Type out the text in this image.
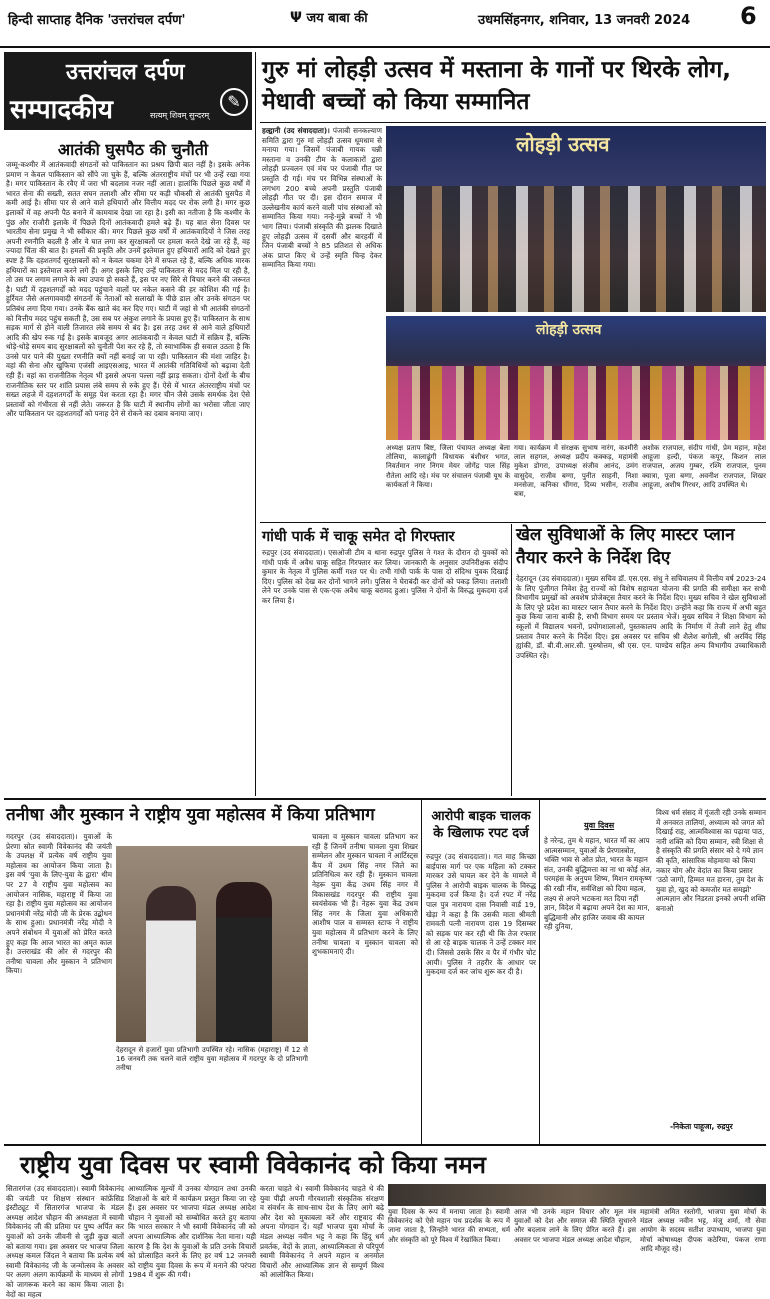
हिन्दी साप्ताह दैनिक 'उत्तरांचल दर्पण'	Ψ जय बाबा की	उधमसिंहनगर, शनिवार, 13 जनवरी 2024 6
उत्तरांचल दर्पण
सम्पादकीय	सत्यम् शिवम् सुन्दरम्
✎
आतंकी घुसपैठ की चुनौती
जम्मू-कश्मीर में आतंकवादी संगठनों को पाकिस्तान का प्रश्रय छिपी बात नहीं है। इसके अनेक प्रमाण न केवल पाकिस्तान को सौंपे जा चुके हैं, बल्कि अंतरराष्ट्रीय मंचों पर भी उन्हें रखा गया है। मगर पाकिस्तान के रवैए में जरा भी बदलाव नजर नहीं आता। हालांकि पिछले कुछ वर्षों में भारत सेना की सख्ती, सतत सघन तलाशी और सीमा पर कड़ी चौकसी से आतंकी घुसपैठ में कमी आई है। सीमा पार से आने वाले हथियारों और वित्तीय मदद पर रोक लगी है। मगर कुछ इलाकों में वह अपनी पैठ बनाने में कामयाब देखा जा रहा है। इसी का नतीजा है कि कश्मीर के पुंछ और राजौरी इलाके में पिछले दिनों आतंकवादी हमले बढ़े हैं। यह बात सेना दिवस पर भारतीय सेना प्रमुख ने भी स्वीकार की। मगर पिछले कुछ वर्षों में आतंकवादियों ने जिस तरह अपनी रणनीति बदली है और वे घात लगा कर सुरक्षाबलों पर हमला करते देखे जा रहे हैं, वह ज्यादा चिंता की बात है। हमलों की प्रकृति और उनमें इस्तेमाल हुए हथियारों आदि को देखते हुए स्पष्ट है कि दहशतगर्द सुरक्षाबलों को न केवल चकमा देने में सफल रहे हैं, बल्कि अधिक मारक हथियारों का इस्तेमाल करने लगे हैं। अगर इसके लिए उन्हें पाकिस्तान से मदद मिल पा रही है, तो उस पर लगाम लगाने के क्या उपाय हो सकते हैं, इस पर नए सिरे से विचार करने की जरूरत है। घाटी में दहशतगर्दों को मदद पहुंचाने वालों पर नकेल कसने की हर कोशिश की गई है। हुर्रियत जैसे अलगाववादी संगठनों के नेताओं को सलाखों के पीछे डाल और उनके संगठन पर प्रतिबंध लगा दिया गया। उनके बैंक खाते बंद कर दिए गए। घाटी में जहां से भी आतंकी संगठनों को वित्तीय मदद पहुंच सकती है, उस सब पर अंकुश लगाने के प्रयास हुए हैं। पाकिस्तान के साथ सड़क मार्ग से होने वाली तिजारत लंबे समय से बंद है। इस तरह उधर से आने वाले हथियारों आदि की खेप रुक गई है। इसके बावजूद अगर आतंकवादी न केवल घाटी में सक्रिय हैं, बल्कि थोड़े-थोड़े समय बाद सुरक्षाबलों को चुनौती पेश कर रहे हैं, तो स्वाभाविक ही सवाल उठता है कि उनसे पार पाने की पुख्ता रणनीति क्यों नहीं बनाई जा पा रही। पाकिस्तान की मंशा जाहिर है। वहां की सेना और खुफिया एजंसी आइएसआइ, भारत में आतंकी गतिविधियों को बढ़ावा देती रही हैं। वहां का राजनीतिक नेतृत्व भी इससे अपना पल्ला नहीं झाड़ सकता। दोनों देशों के बीच राजनीतिक स्तर पर शांति प्रयास लंबे समय से रुके हुए हैं। ऐसे में भारत अंतरराष्ट्रीय मंचों पर सख्त लहजे में दहशतगर्दों के समूह पेश करता रहा है। मगर चीन जैसे उसके समर्थक देश ऐसे प्रस्तावों को गंभीरता से नहीं लेते। जरूरत है कि घाटी में स्थानीय लोगों का भरोसा जीता जाए और पाकिस्तान पर दहशतगर्दों को पनाह देने से रोकने का दबाव बनाया जाए।
गुरु मां लोहड़ी उत्सव में मस्ताना के गानों पर थिरके लोग, मेधावी बच्चों को किया सम्मानित
हल्द्वानी (उद संवाददाता)। पंजाबी सनकल्याण समिति द्वारा गुरु मां लोहड़ी उत्सव धूमधाम से मनाया गया। जिसमें पंजाबी गायक चन्नी मस्ताना व उनकी टीम के कलाकारों द्वारा लोहड़ी प्रज्वलन एवं मंच पर पंजाबी गीत पर प्रस्तुति दी गई। मंच पर विभिन्न संस्थाओं के लगभग 200 बच्चे अपनी प्रस्तुति पंजाबी लोहड़ी गीत पर दी। इस दौरान समाज में उल्लेखनीय कार्य करने वाली पांच संस्थाओं को सम्मानित किया गया। नन्हे-मुन्ने बच्चों ने भी भाग लिया। पंजाबी संस्कृति की झलक दिखाते हुए लोहड़ी उत्सव में दसवीं और बारहवीं में जिन पंजाबी बच्चों ने 85 प्रतिशत से अधिक अंक प्राप्त किए थे उन्हें स्मृति चिन्ह देकर सम्मानित किया गया।
लोहड़ी उत्सव
लोहड़ी उत्सव
अध्यक्ष प्रताप बिष्ट, जिला पंचायत अध्यक्ष बेला तोलिया, कालाढूंगी विधायक बंशीधर भगत, निवर्तमान नगर निगम मेयर जोगेंद्र पाल सिंह रौतेला आदि रहे। मंच पर संचालन पंजाबी यूथ के कार्यकर्ता ने किया।
गया। कार्यक्रम में संरक्षक सुभाष नारंग, कश्मीरी लाल सहगल, अध्यक्ष प्रदीप कक्कड़, महामंत्री मुकेश डोगरा, उपाध्यक्ष संजीव आनंद, उमंग वासुदेव, राजीव बग्गा, पुनीत साहनी, निशा मनसेजा, कनिका धींगरा, दिव्य भसीन, राजीव बत्रा,
अशोक राजपाल, संदीप गांधी, प्रेम महान, महेश आहूजा हल्दी, पंकज कपूर, किशन लाल राजपाल, अजय गुम्बर, रश्मि राजपाल, पूनम क्वात्रा, पूजा बग्गा, अवनीश राजपाल, शिखर आहूजा, अशीष गिरधर, आदि उपस्थित थे।
गांधी पार्क में चाकू समेत दो गिरफ्तार
रुद्रपुर (उद संवाददाता)। एसओजी टीम व थाना रुद्रपुर पुलिस ने गश्त के दौरान दो युवकों को गांधी पार्क में अवैध चाकू सहित गिरफ्तार कर लिया। जानकारी के अनुसार उपनिरीक्षक संदीप कुमार के नेतृत्व में पुलिस कर्मी गश्त पर थे। तभी गांधी पार्क के पास दो संदिग्ध युवक दिखाई दिए। पुलिस को देख कर दोनों भागने लगे। पुलिस ने घेराबंदी कर दोनों को पकड़ लिया। तलाशी लेने पर उनके पास से एक-एक अवैध चाकू बरामद हुआ। पुलिस ने दोनों के विरुद्ध मुकदमा दर्ज कर लिया है।
खेल सुविधाओं के लिए मास्टर प्लान तैयार करने के निर्देश दिए
देहरादून (उद संवाददाता)। मुख्य सचिव डॉ. एस.एस. संधु ने सचिवालय में वित्तीय वर्ष 2023-24 के लिए पूंजीगत निवेश हेतु राज्यों को विशेष सहायता योजना की प्रगति की समीक्षा कर सभी विभागीय प्रमुखों को अवशेष प्रोजेक्ट्स तैयार करने के निर्देश दिए। मुख्य सचिव ने खेल सुविधाओं के लिए पूरे प्रदेश का मास्टर प्लान तैयार करने के निर्देश दिए। उन्होंने कहा कि राज्य में अभी बहुत कुछ किया जाना बाकी है, सभी विभाग समय पर प्रस्ताव भेजें। मुख्य सचिव ने शिक्षा विभाग को स्कूलों में विद्यालय भवनों, प्रयोगशालाओं, पुस्तकालय आदि के निर्माण में तेजी लाने हेतु शीघ्र प्रस्ताव तैयार करने के निर्देश दिए। इस अवसर पर सचिव श्री शैलेश बगोली, श्री अरविंद सिंह ह्यांकी, डॉ. बी.वी.आर.सी. पुरुषोत्तम, श्री एस. एन. पाण्डेय सहित अन्य विभागीय उच्चाधिकारी उपस्थित रहे।
तनीषा और मुस्कान ने राष्ट्रीय युवा महोत्सव में किया प्रतिभाग
गदरपुर (उद संवाददाता)। युवाओं के प्रेरणा स्रोत स्वामी विवेकानंद की जयंती के उपलक्ष में प्रत्येक वर्ष राष्ट्रीय युवा महोत्सव का आयोजन किया जाता है। इस वर्ष 'युवा के लिए-युवा के द्वारा' थीम पर 27 वे राष्ट्रीय युवा महोत्सव का आयोजन नासिक, महाराष्ट्र में किया जा रहा है। राष्ट्रीय युवा महोत्सव का आयोजन प्रधानमंत्री नरेंद्र मोदी जी के प्रेरक उद्बोधन के साथ हुआ। प्रधानमंत्री नरेंद्र मोदी ने अपने संबोधन में युवाओं को प्रेरित करते हुए कहा कि आज भारत का अमृत काल है। उत्तराखंड की ओर से गदरपुर की तनीषा चावला और मुस्कान ने प्रतिभाग किया।
देहरादून से हजारों युवा प्रतिभागी उपस्थित रहे। नासिक (महाराष्ट्र) में 12 से 16 जनवरी तक चलने वाले राष्ट्रीय युवा महोत्सव में गदरपुर के दो प्रतिभागी तनीषा
चावला व मुस्कान चावला प्रतिभाग कर रही हैं जिनमें तनीषा चावला युवा शिखर सम्मेलन और मुस्कान चावला ने आर्टिस्ट्स कैंप में उधम सिंह नगर जिले का प्रतिनिधित्व कर रही हैं। मुस्कान चावला नेहरू युवा केंद्र उधम सिंह नगर में विकासखंड गदरपुर की राष्ट्रीय युवा स्वयंसेवक भी हैं। नेहरू युवा केंद्र उधम सिंह नगर के जिला युवा अधिकारी आशीष पाल व सम्मस्त स्टाफ ने राष्ट्रीय युवा महोत्सव में प्रतिभाग करने के लिए तनीषा चावला व मुस्कान चावला को शुभकामनाएं दी।
आरोपी बाइक चालक के खिलाफ रपट दर्ज
रुद्रपुर (उद संवाददाता)। गत माह किच्छा बाईपास मार्ग पर एक महिला को टक्कर मारकर उसे घायल कर देने के मामले में पुलिस ने आरोपी बाइक चालक के विरुद्ध मुकदमा दर्ज किया है। दर्ज रपट में नरेंद्र पाल पुत्र नारायण दास निवासी वार्ड 19, खेड़ा ने कहा है कि उसकी माता श्रीमती रामवती पत्नी नारायण दास 19 दिसम्बर को सड़क पार कर रही थी कि तेज रफ्तार से आ रहे बाइक चालक ने उन्हें टक्कर मार दी। जिससे उसके सिर व पैर में गंभीर चोट आयी। पुलिस ने तहरीर के आधार पर मुकदमा दर्ज कर जांच शुरू कर दी है।
युवा दिवस
हे नरेन्द्र, तुम थे महान, भारत माँ का आप आत्मसम्मान, युवाओं के प्रेरणास्त्रोत, भक्ति भाव से ओत प्रोत, भारत के महान संत, उनकी बुद्धिमत्ता का ना था कोई अंत, परमहंस के अनुपम शिष्य, मिशन रामकृष्ण की रखी नींव, सर्वशिक्षा को दिया महत्व, लक्ष्य से अपने भटकना मत दिया नहीं ज्ञान, विदेश में बढ़ाया अपने देश का मान, बुद्धिमानी और हाजिर जवाब की कायल रही दुनिया,
विश्व धर्म संसद में गूंजती रही उनके सम्मान में अनवरत तालियां, अध्यात्म को जगत को दिखाई राह, आत्मविश्वास का पढ़ाया पाठ, नारी शक्ति को दिया सम्मान, स्त्री शिक्षा से है संस्कृति की प्रगति संसार को दे गये ज्ञान की कृति, सांसारिक मोहमाया को किया नकार योग और वेदांत का किया प्रसार 'उठो जागो, हिम्मत मत हारना, तुम देश के युवा हो, खुद को कमजोर मत समझो' आत्मज्ञान और निडरता इनको अपनी शक्ति बनाओ
-निकेता पाहूजा, रुद्रपुर
राष्ट्रीय युवा दिवस पर स्वामी विवेकानंद को किया नमन
सितारगंज (उद संवाददाता)। स्वामी विवेकानंद की जयंती पर शिक्षण संस्थान कांफ्रेंसिड इंस्टीट्यूट में सितारगंज भाजपा के मंडल अध्यक्ष आदेश चौहान की अध्यक्षता में स्वामी विवेकानंद जी की प्रतिमा पर पुष्प अर्पित कर युवाओं को उनके जीवनी से जुड़ी कुछ बातों को बताया गया। इस अवसर पर भाजपा जिला अध्यक्ष कमल जिंदल ने बताया कि प्रत्येक वर्ष स्वामी विवेकानंद जी के जन्मोत्सव के अवसर पर अलग अलग कार्यक्रमों के माध्यम से लोगों को जागरूक करने का काम किया जाता है। वेदों का महत्व
आध्यात्मिक मूल्यों में उनका योगदान तथा उनकी शिक्षाओं के बारे में कार्यक्रम प्रस्तुत किया जा रहे हैं। इस अवसर पर भाजपा मंडल अध्यक्ष आदेश चौहान ने युवाओं को सम्बोधित करते हुए बताया कि भारत सरकार ने भी स्वामी विवेकानंद जी को अपना आध्यात्मिक और दार्शनिक नेता माना। यही कारण है कि देश के युवाओं के प्रति उनके विचारों को प्रोत्साहित करने के लिए हर वर्ष 12 जनवरी को राष्ट्रीय युवा दिवस के रूप में मनाने की परंपरा 1984 में शुरू की गयी।
करता चाहते थे। स्वामी विवेकानंद चाहते थे की युवा पीढ़ी अपनी गौरवशाली संस्कृतिक संरक्षण व संवर्धन के साथ-साथ देश के लिए आगे बढ़े और देश को मुकाबला करें और राष्ट्रवाद की अपना योगदान दें। यहाँ भाजपा युवा मोर्चा के मंडल अध्यक्ष नवीन भट्ट ने कहा कि हिंदू धर्म प्रवर्तक, वेदों के ज्ञाता, आध्यात्मिकता से परिपूर्ण स्वामी विवेकानंद ने अपने महान व अनमोल विचारों और आध्यात्मिक ज्ञान से सम्पूर्ण विश्व को आलोकित किया।
युवा दिवस के रूप में मनाया जाता है। स्वामी विवेकानंद को ऐसे महान पथ प्रदर्शक के रूप में जाना जाता है, जिन्होंने भारत की सभ्यता, धर्म और संस्कृति को पूरे विश्व में रेखांकित किया।
आज भी उनके महान विचार और मूल मंत्र युवाओं को देश और समाज की स्थिति सुधारने और बदलाव लाने के लिए प्रेरित करते हैं। इस अवसर पर भाजपा मंडल अध्यक्ष आदेश चौहान,
महामंत्री अमित रस्तोगी, भाजपा युवा मोर्चा के मंडल अध्यक्ष नवीन भट्ट, मंजू शर्मा, गौ सेवा आयोग के सदस्य सतीश उपाध्याय, भाजपा युवा मोर्चा कोषाध्यक्ष दीपक कठेरिया, पंकज राणा आदि मौजूद रहे।
